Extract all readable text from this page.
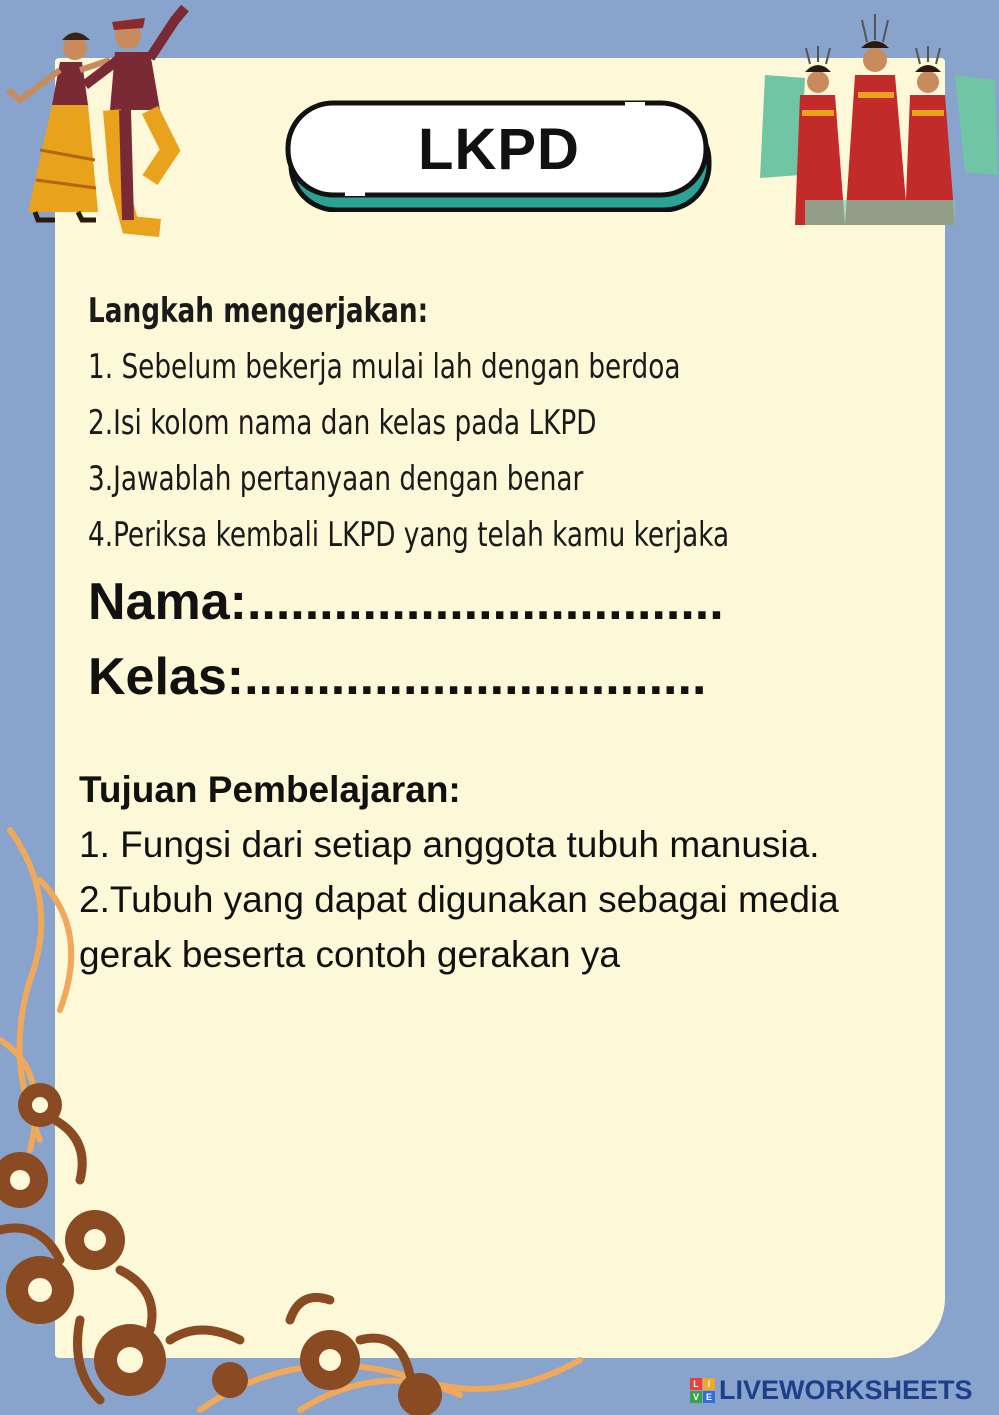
LKPD
Langkah mengerjakan:
1. Sebelum bekerja mulai lah dengan berdoa
2.Isi kolom nama dan kelas pada LKPD
3.Jawablah pertanyaan dengan benar
4.Periksa kembali LKPD yang telah kamu kerjaka
Nama:.................................
Kelas:................................
Tujuan Pembelajaran:
1. Fungsi dari setiap anggota tubuh manusia.
2.Tubuh yang dapat digunakan sebagai media
gerak beserta contoh gerakan ya
L I
V E LIVEWORKSHEETS
